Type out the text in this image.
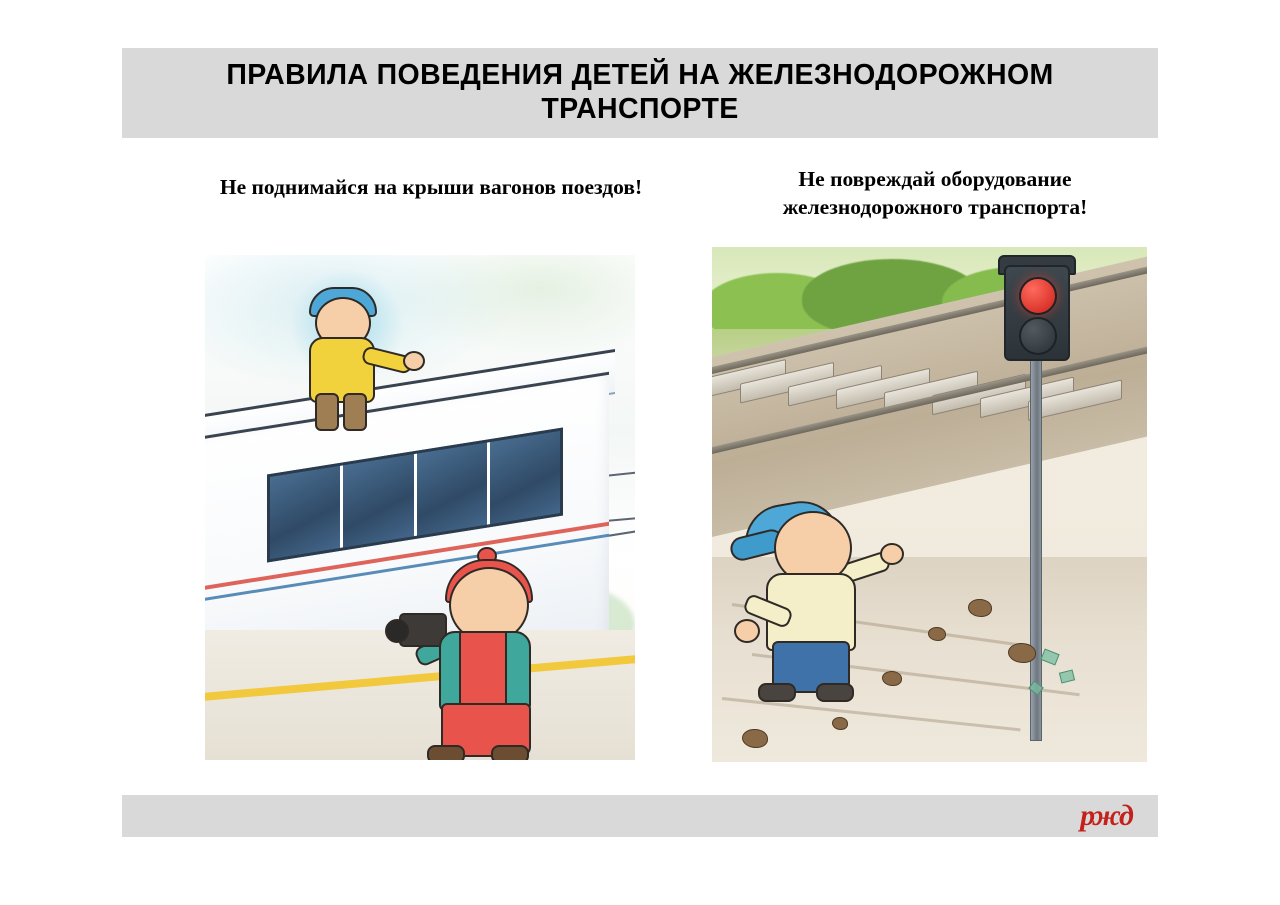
ПРАВИЛА ПОВЕДЕНИЯ ДЕТЕЙ НА ЖЕЛЕЗНОДОРОЖНОМ ТРАНСПОРТЕ
Не поднимайся на крыши вагонов поездов!	Не повреждай оборудование железнодорожного транспорта!
ржд
